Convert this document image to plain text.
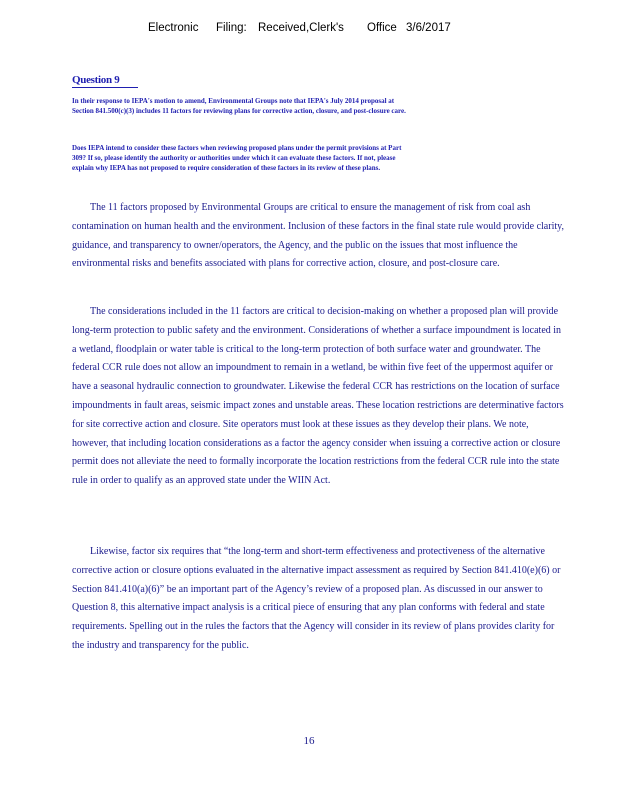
Electronic Filing: Received,Clerk's Office 3/6/2017
Question 9

In their response to IEPA's motion to amend, Environmental Groups note that IEPA's July 2014 proposal at Section 841.500(c)(3) includes 11 factors for reviewing plans for corrective action, closure, and post-closure care.

Does IEPA intend to consider these factors when reviewing proposed plans under the permit provisions at Part 309? If so, please identify the authority or authorities under which it can evaluate these factors. If not, please explain why IEPA has not proposed to require consideration of these factors in its review of these plans.

The 11 factors proposed by Environmental Groups are critical to ensure the management of risk from coal ash contamination on human health and the environment. Inclusion of these factors in the final state rule would provide clarity, guidance, and transparency to owner/operators, the Agency, and the public on the issues that most influence the environmental risks and benefits associated with plans for corrective action, closure, and post-closure care.

The considerations included in the 11 factors are critical to decision-making on whether a proposed plan will provide long-term protection to public safety and the environment. Considerations of whether a surface impoundment is located in a wetland, floodplain or water table is critical to the long-term protection of both surface water and groundwater. The federal CCR rule does not allow an impoundment to remain in a wetland, be within five feet of the uppermost aquifer or have a seasonal hydraulic connection to groundwater. Likewise the federal CCR has restrictions on the location of surface impoundments in fault areas, seismic impact zones and unstable areas. These location restrictions are determinative factors for site corrective action and closure. Site operators must look at these issues as they develop their plans. We note, however, that including location considerations as a factor the agency consider when issuing a corrective action or closure permit does not alleviate the need to formally incorporate the location restrictions from the federal CCR rule into the state rule in order to qualify as an approved state under the WIIN Act.

Likewise, factor six requires that “the long-term and short-term effectiveness and protectiveness of the alternative corrective action or closure options evaluated in the alternative impact assessment as required by Section 841.410(e)(6) or Section 841.410(a)(6)” be an important part of the Agency’s review of a proposed plan. As discussed in our answer to Question 8, this alternative impact analysis is a critical piece of ensuring that any plan conforms with federal and state requirements. Spelling out in the rules the factors that the Agency will consider in its review of plans provides clarity for the industry and transparency for the public.

16
